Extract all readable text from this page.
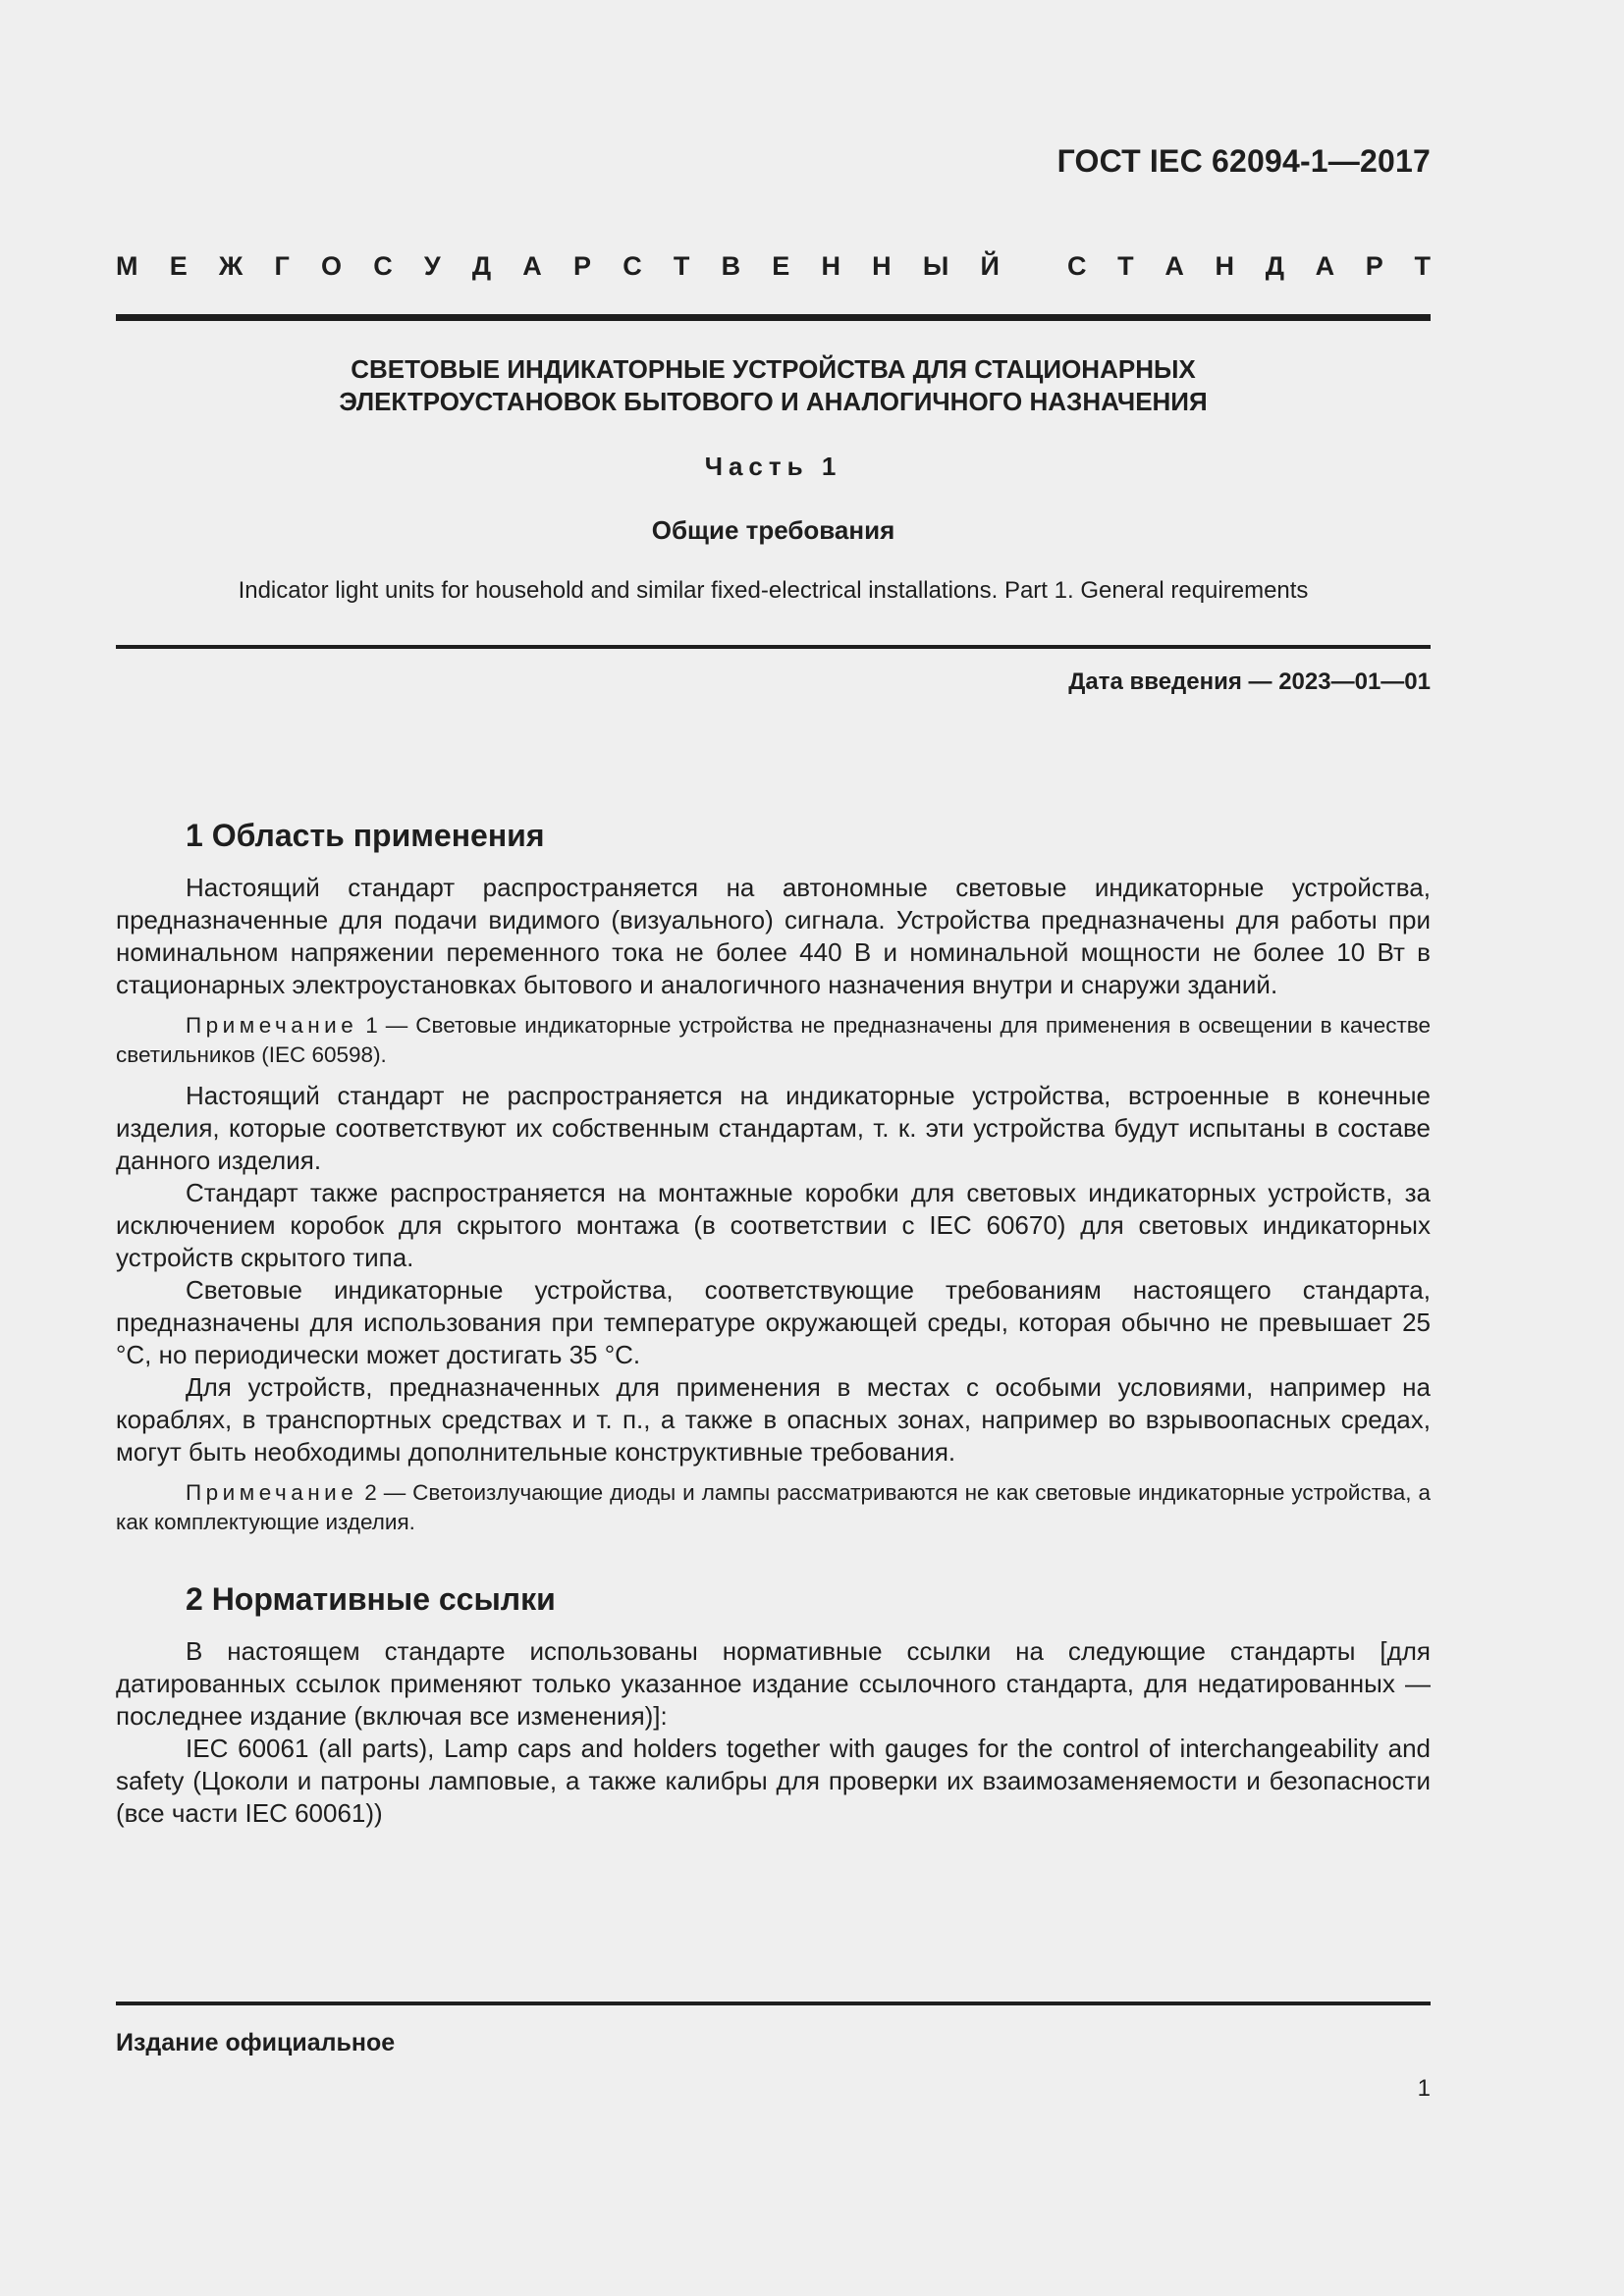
ГОСТ IEC 62094-1—2017
М Е Ж Г О С У Д А Р С Т В Е Н Н Ы Й	С Т А Н Д А Р Т
СВЕТОВЫЕ ИНДИКАТОРНЫЕ УСТРОЙСТВА ДЛЯ СТАЦИОНАРНЫХ
ЭЛЕКТРОУСТАНОВОК БЫТОВОГО И АНАЛОГИЧНОГО НАЗНАЧЕНИЯ
Часть 1
Общие требования
Indicator light units for household and similar fixed-electrical installations. Part 1. General requirements
Дата введения — 2023—01—01
1 Область применения

Настоящий стандарт распространяется на автономные световые индикаторные устройства, предназначенные для подачи видимого (визуального) сигнала. Устройства предназначены для работы при номинальном напряжении переменного тока не более 440 В и номинальной мощности не более 10 Вт в стационарных электроустановках бытового и аналогичного назначения внутри и снаружи зданий.

Примечание 1 — Световые индикаторные устройства не предназначены для применения в освещении в качестве светильников (IEC 60598).

Настоящий стандарт не распространяется на индикаторные устройства, встроенные в конечные изделия, которые соответствуют их собственным стандартам, т. к. эти устройства будут испытаны в составе данного изделия.

Стандарт также распространяется на монтажные коробки для световых индикаторных устройств, за исключением коробок для скрытого монтажа (в соответствии с IEC 60670) для световых индикаторных устройств скрытого типа.

Световые индикаторные устройства, соответствующие требованиям настоящего стандарта, предназначены для использования при температуре окружающей среды, которая обычно не превышает 25 °С, но периодически может достигать 35 °С.

Для устройств, предназначенных для применения в местах с особыми условиями, например на кораблях, в транспортных средствах и т. п., а также в опасных зонах, например во взрывоопасных средах, могут быть необходимы дополнительные конструктивные требования.

Примечание 2 — Светоизлучающие диоды и лампы рассматриваются не как световые индикаторные устройства, а как комплектующие изделия.

2 Нормативные ссылки

В настоящем стандарте использованы нормативные ссылки на следующие стандарты [для датированных ссылок применяют только указанное издание ссылочного стандарта, для недатированных — последнее издание (включая все изменения)]:

IEC 60061 (all parts), Lamp caps and holders together with gauges for the control of interchangeability and safety (Цоколи и патроны ламповые, а также калибры для проверки их взаимозаменяемости и безопасности (все части IEC 60061))

Издание официальное
1
